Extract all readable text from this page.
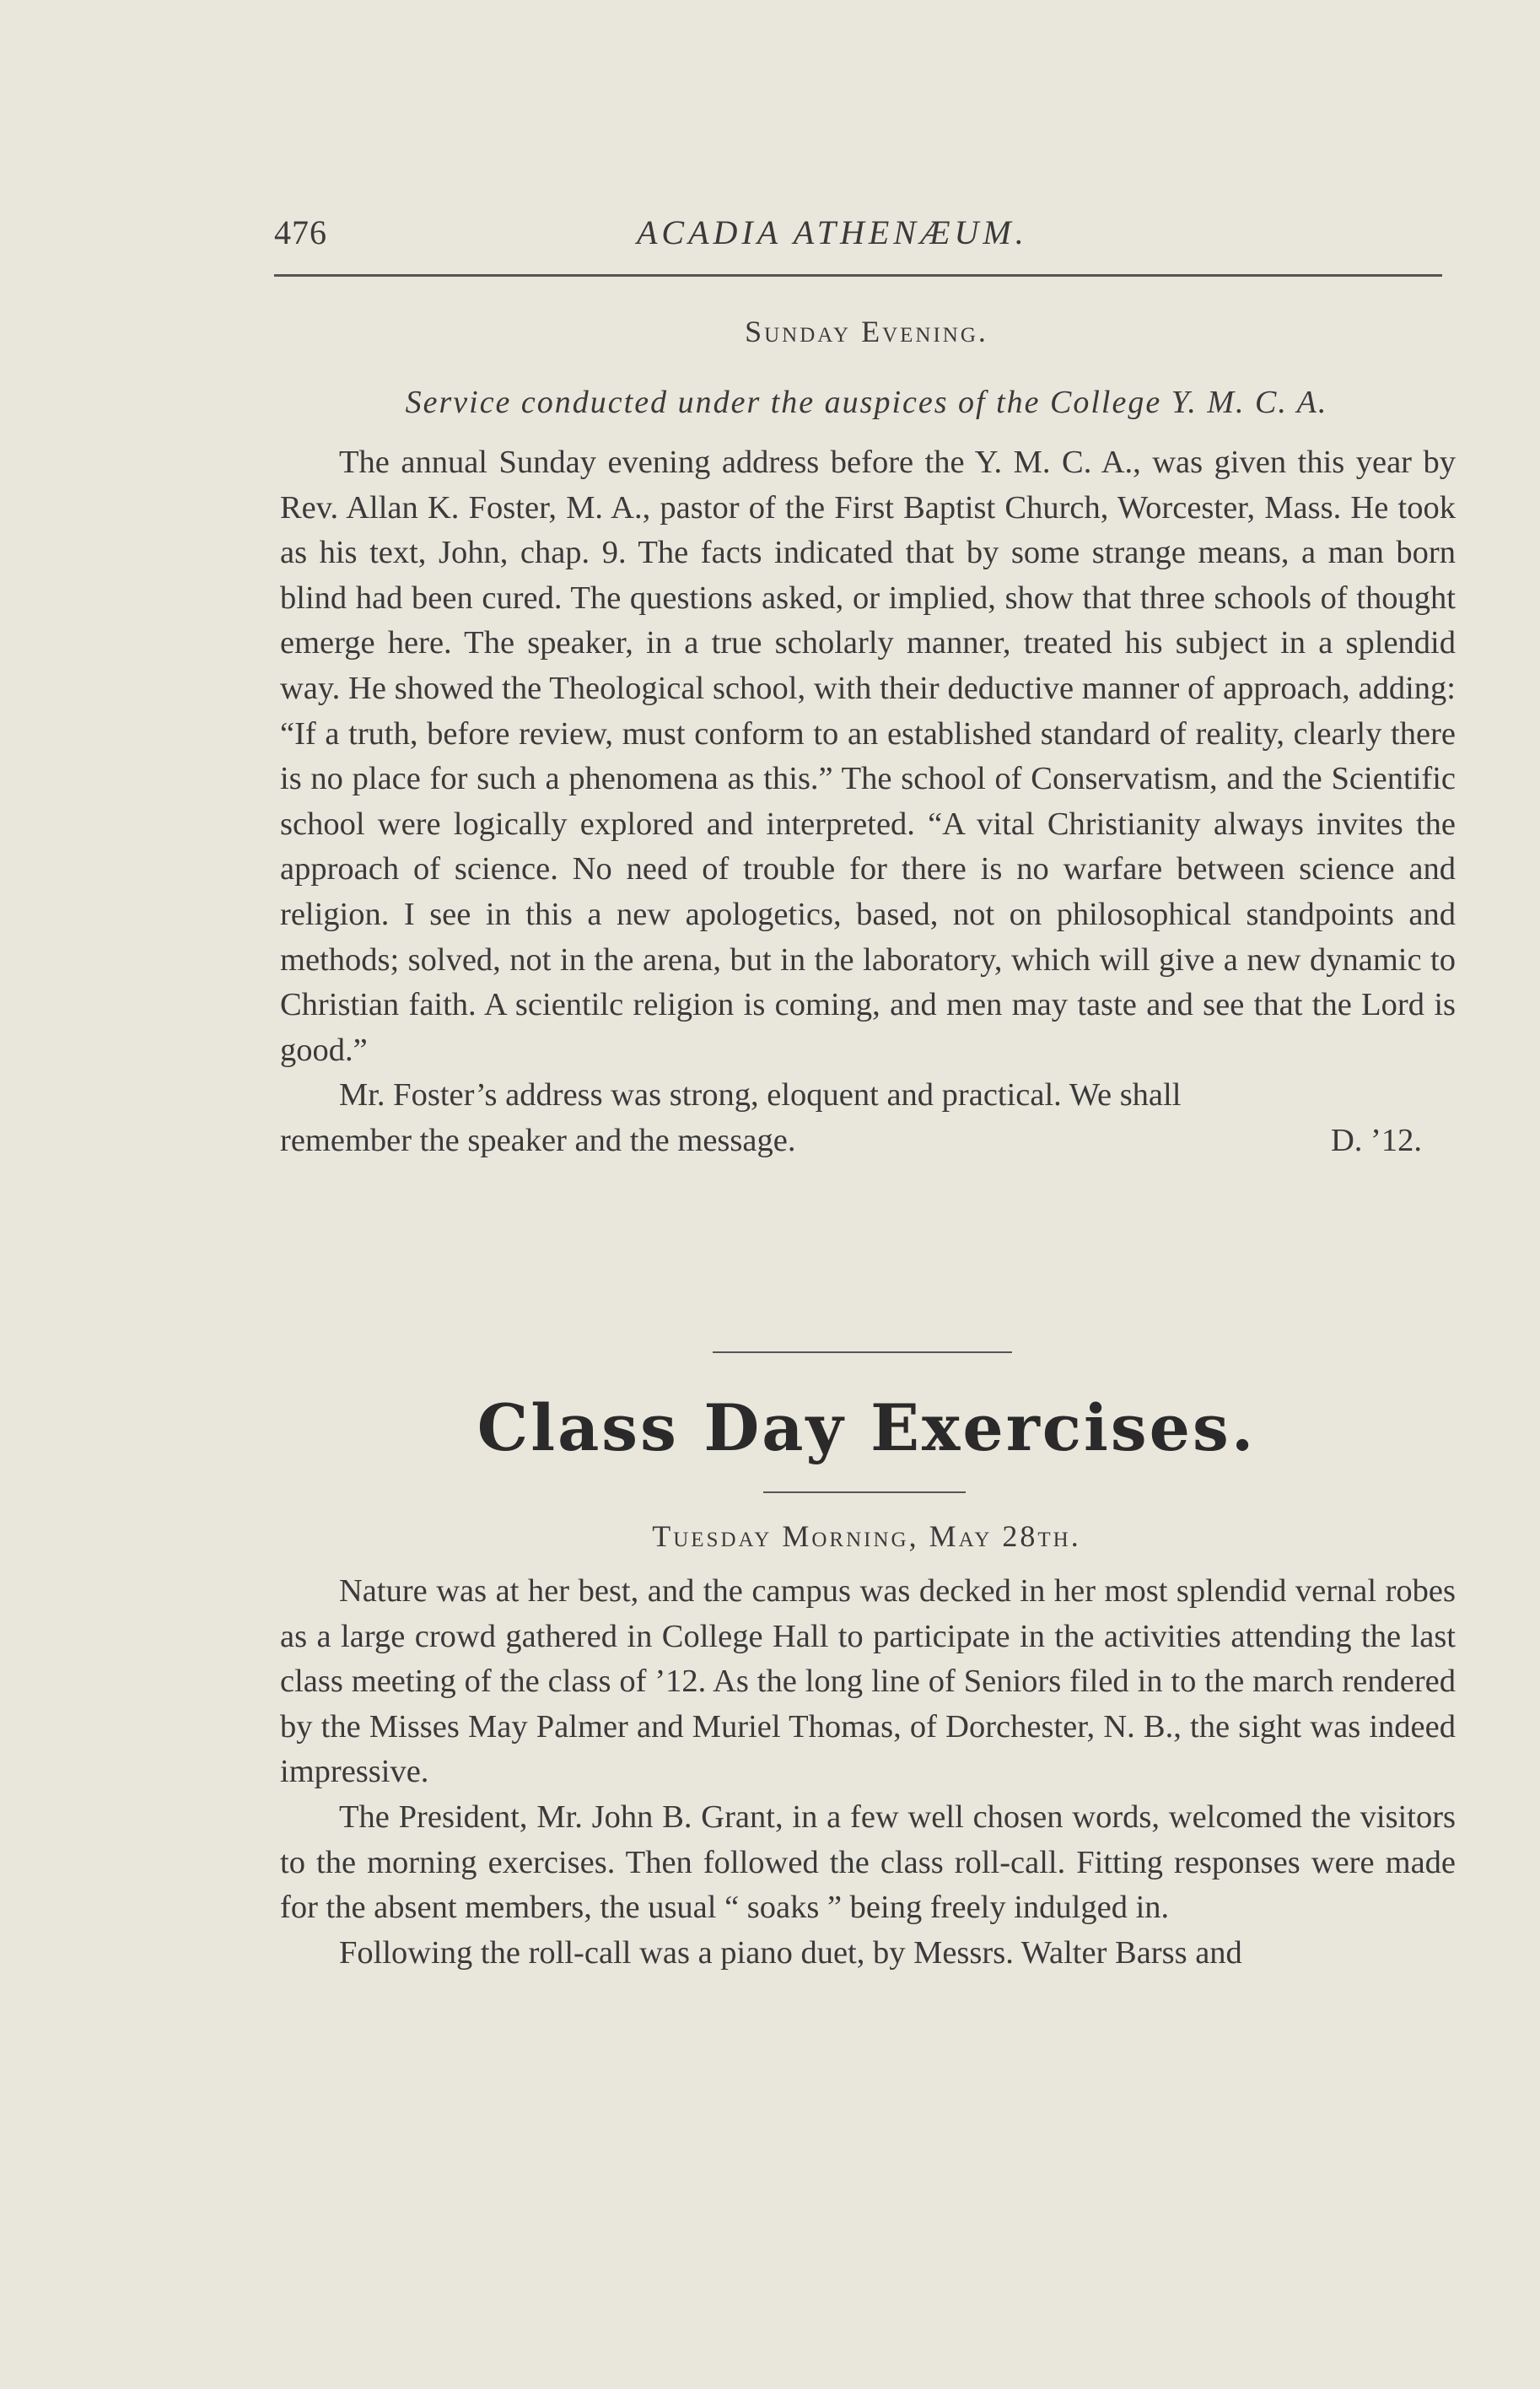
476	ACADIA ATHENÆUM.
Sunday Evening.
Service conducted under the auspices of the College Y. M. C. A.

The annual Sunday evening address before the Y. M. C. A., was given this year by Rev. Allan K. Foster, M. A., pastor of the First Baptist Church, Worcester, Mass. He took as his text, John, chap. 9. The facts indicated that by some strange means, a man born blind had been cured. The questions asked, or implied, show that three schools of thought emerge here. The speaker, in a true scholarly manner, treated his subject in a splendid way. He showed the Theological school, with their deductive manner of approach, adding: “If a truth, before review, must conform to an established standard of reality, clearly there is no place for such a phenomena as this.” The school of Conservatism, and the Scientific school were logically explored and interpreted. “A vital Christianity always invites the approach of science. No need of trouble for there is no warfare between science and religion. I see in this a new apologetics, based, not on philosophical standpoints and methods; solved, not in the arena, but in the laboratory, which will give a new dynamic to Christian faith. A scientilc religion is coming, and men may taste and see that the Lord is good.”

Mr. Foster’s address was strong, eloquent and practical. We shall

remember the speaker and the message.	D. ’12.
Class Day Exercises.
Tuesday Morning, May 28th.

Nature was at her best, and the campus was decked in her most splendid vernal robes as a large crowd gathered in College Hall to participate in the activities attending the last class meeting of the class of ’12. As the long line of Seniors filed in to the march rendered by the Misses May Palmer and Muriel Thomas, of Dorchester, N. B., the sight was indeed impressive.

The President, Mr. John B. Grant, in a few well chosen words, welcomed the visitors to the morning exercises. Then followed the class roll-call. Fitting responses were made for the absent members, the usual “ soaks ” being freely indulged in.

Following the roll-call was a piano duet, by Messrs. Walter Barss and
